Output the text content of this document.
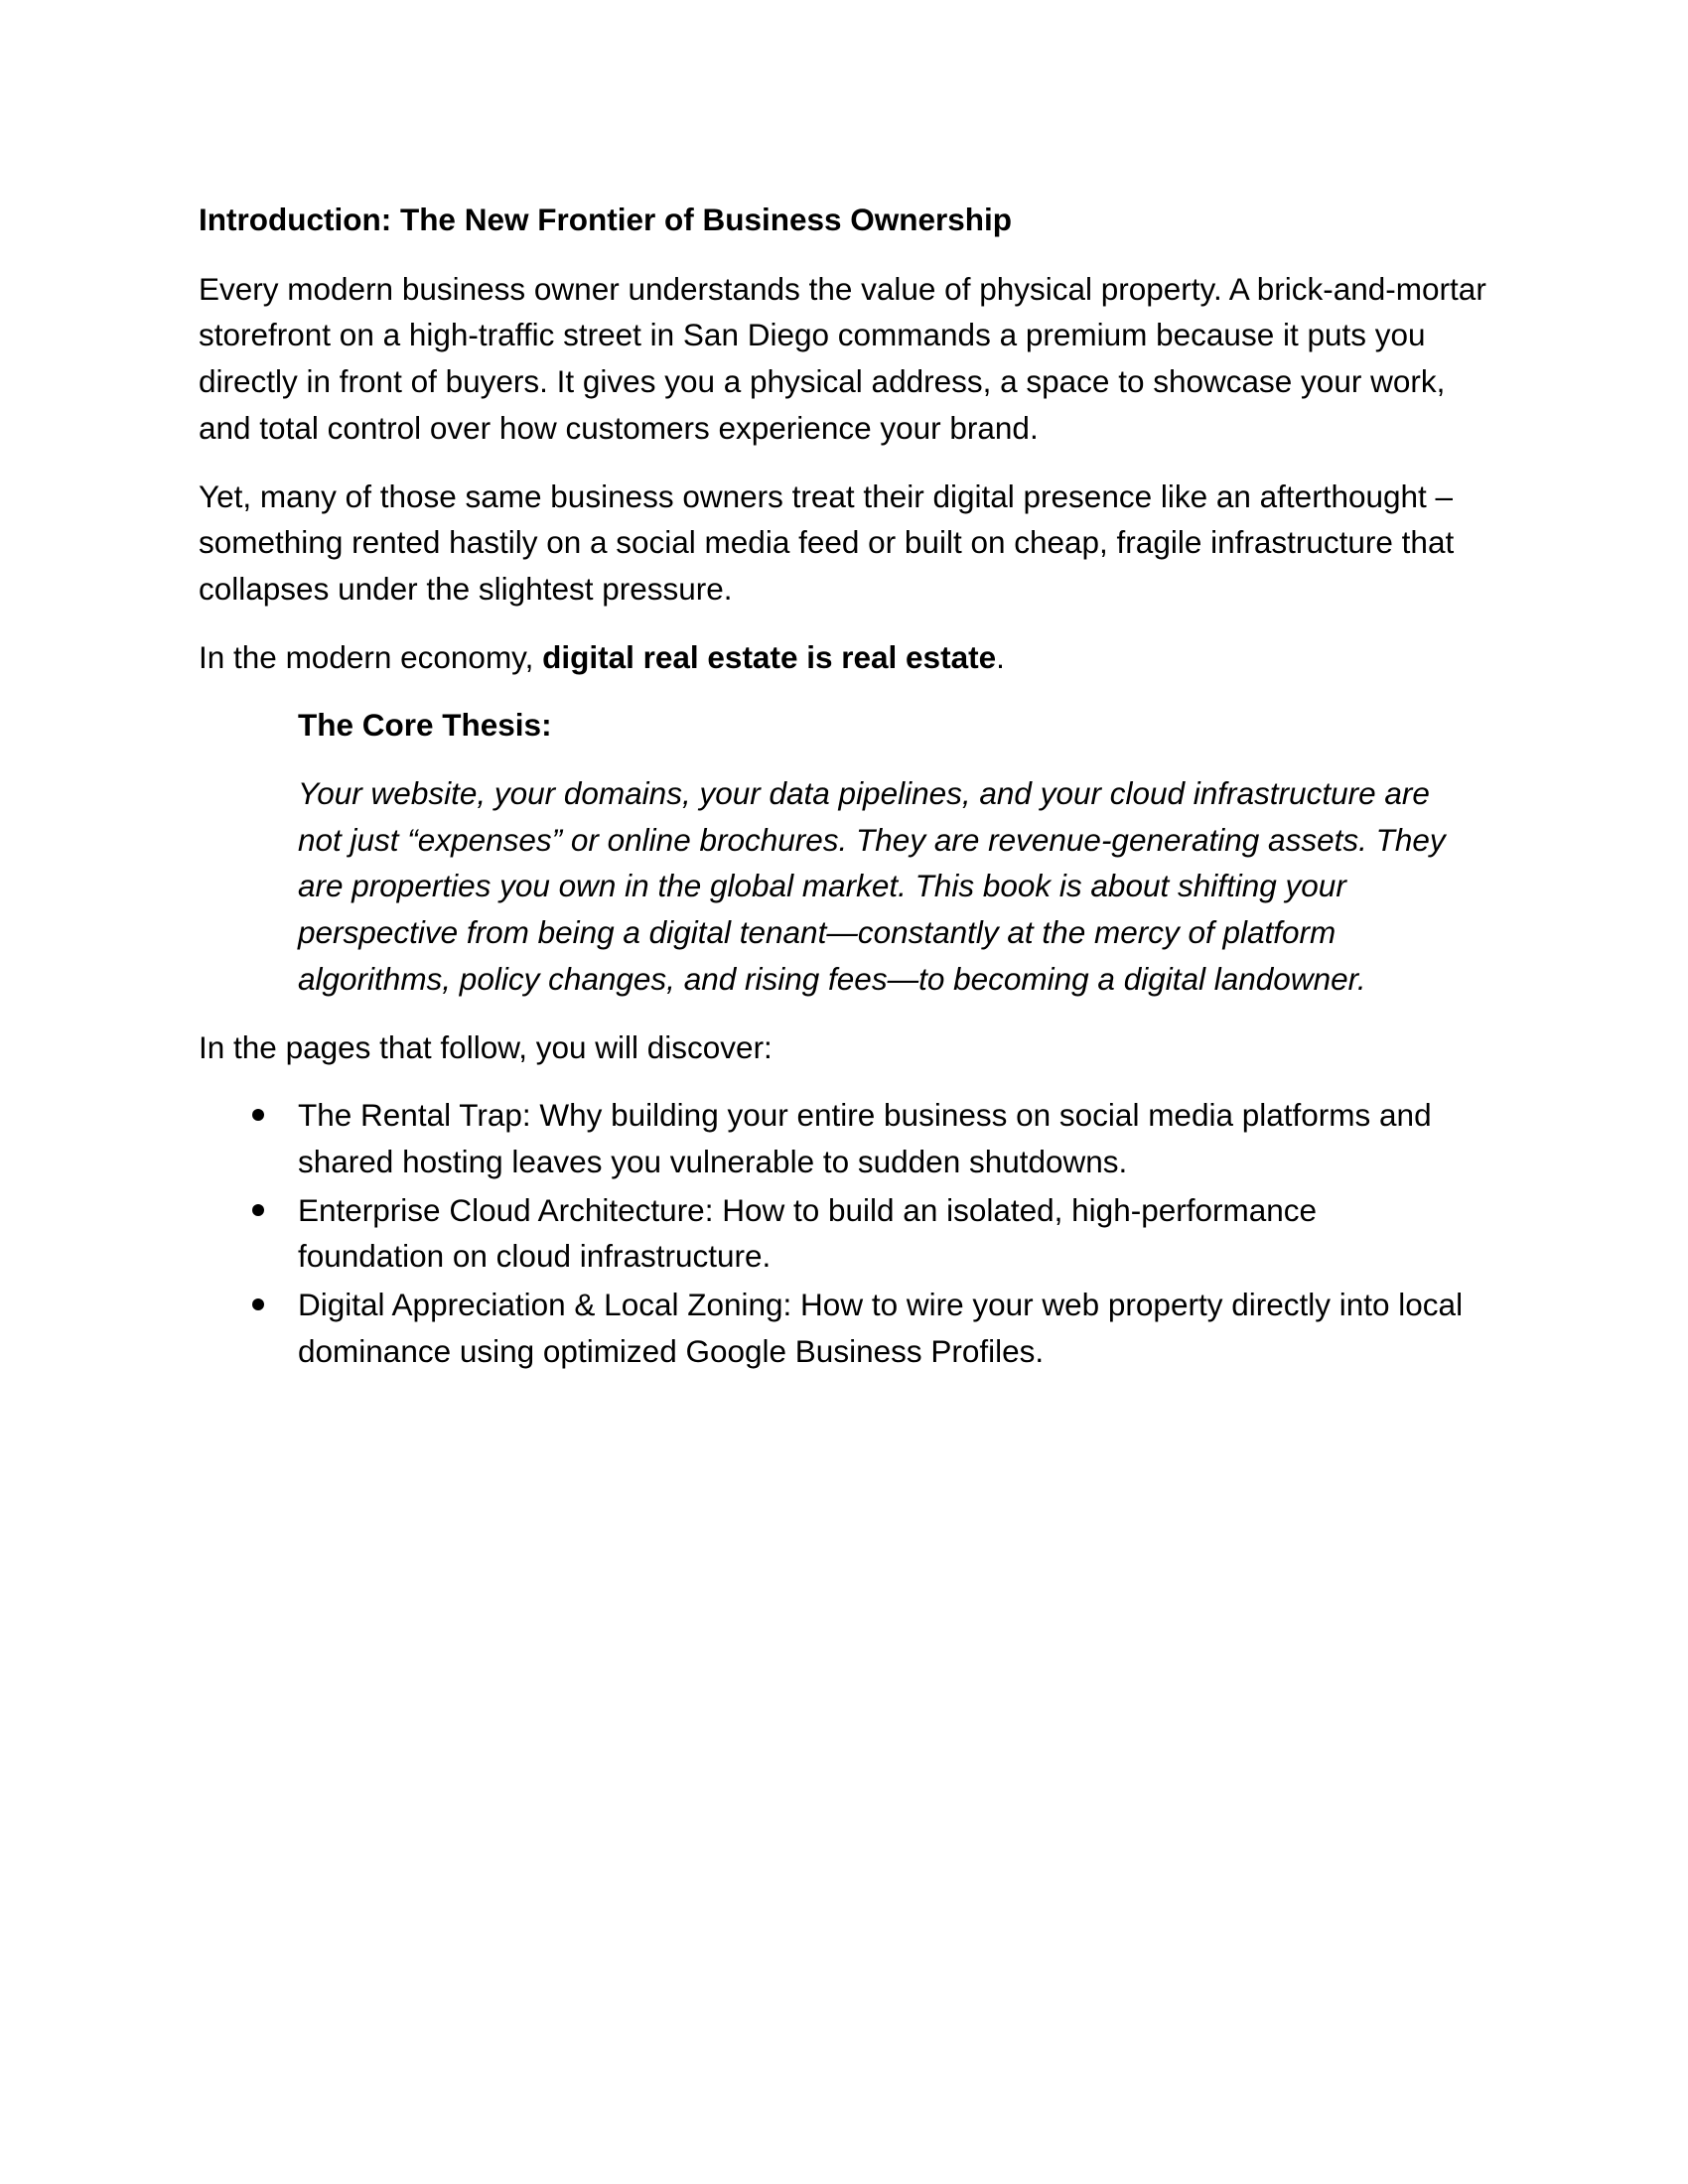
Introduction: The New Frontier of Business Ownership

Every modern business owner understands the value of physical property. A brick-and-mortar storefront on a high-traffic street in San Diego commands a premium because it puts you directly in front of buyers. It gives you a physical address, a space to showcase your work, and total control over how customers experience your brand.

Yet, many of those same business owners treat their digital presence like an afterthought – something rented hastily on a social media feed or built on cheap, fragile infrastructure that collapses under the slightest pressure.

In the modern economy, digital real estate is real estate.

The Core Thesis:

Your website, your domains, your data pipelines, and your cloud infrastructure are not just “expenses” or online brochures. They are revenue-generating assets. They are properties you own in the global market. This book is about shifting your perspective from being a digital tenant—constantly at the mercy of platform algorithms, policy changes, and rising fees—to becoming a digital landowner.

In the pages that follow, you will discover:

The Rental Trap: Why building your entire business on social media platforms and shared hosting leaves you vulnerable to sudden shutdowns.
Enterprise Cloud Architecture: How to build an isolated, high-performance foundation on cloud infrastructure.
Digital Appreciation & Local Zoning: How to wire your web property directly into local dominance using optimized Google Business Profiles.
